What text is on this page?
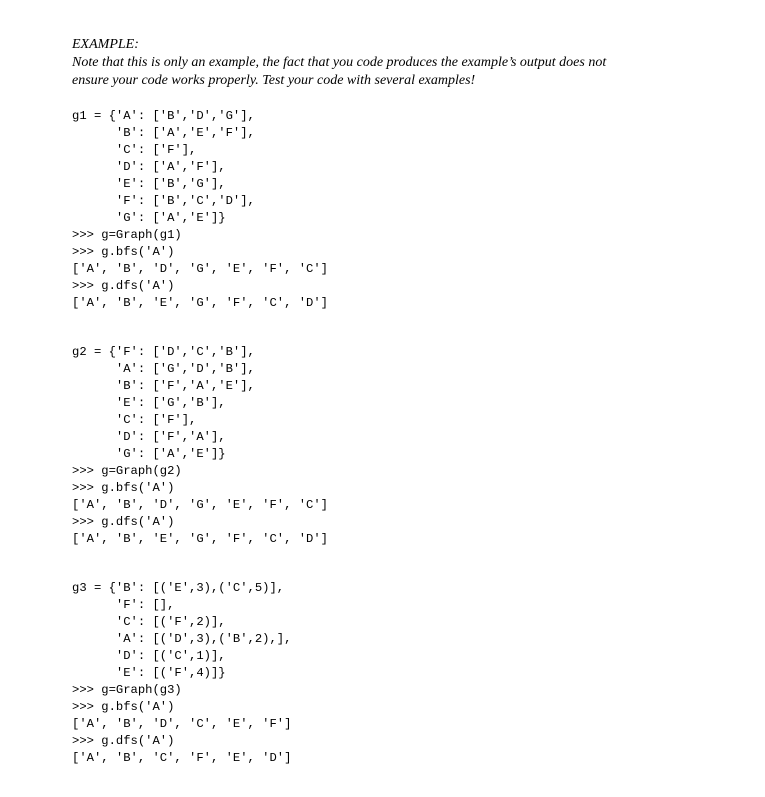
EXAMPLE:
Note that this is only an example, the fact that you code produces the example’s output does not
ensure your code works properly. Test your code with several examples!
g1 = {'A': ['B','D','G'],
'B': ['A','E','F'],
'C': ['F'],
'D': ['A','F'],
'E': ['B','G'],
'F': ['B','C','D'],
'G': ['A','E']}
>>> g=Graph(g1)
>>> g.bfs('A')
['A', 'B', 'D', 'G', 'E', 'F', 'C']
>>> g.dfs('A')
['A', 'B', 'E', 'G', 'F', 'C', 'D']
g2 = {'F': ['D','C','B'],
'A': ['G','D','B'],
'B': ['F','A','E'],
'E': ['G','B'],
'C': ['F'],
'D': ['F','A'],
'G': ['A','E']}
>>> g=Graph(g2)
>>> g.bfs('A')
['A', 'B', 'D', 'G', 'E', 'F', 'C']
>>> g.dfs('A')
['A', 'B', 'E', 'G', 'F', 'C', 'D']
g3 = {'B': [('E',3),('C',5)],
'F': [],
'C': [('F',2)],
'A': [('D',3),('B',2),],
'D': [('C',1)],
'E': [('F',4)]}
>>> g=Graph(g3)
>>> g.bfs('A')
['A', 'B', 'D', 'C', 'E', 'F']
>>> g.dfs('A')
['A', 'B', 'C', 'F', 'E', 'D']
